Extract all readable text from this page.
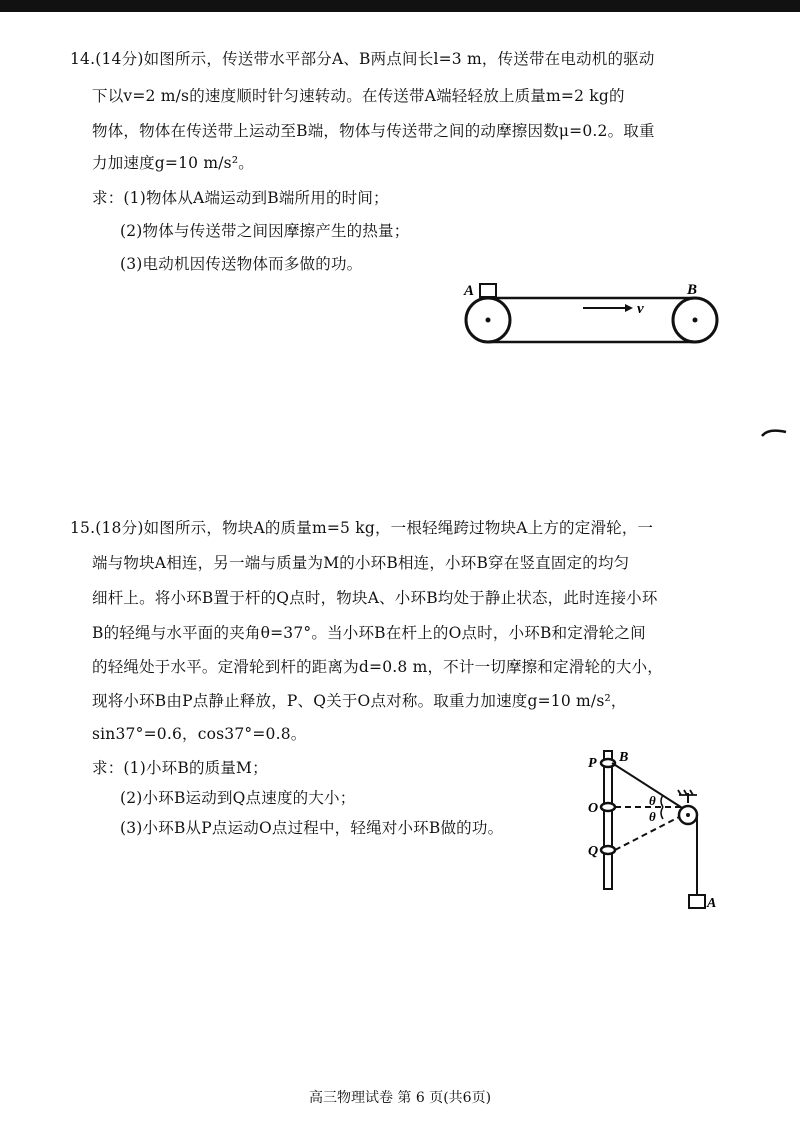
14.(14分)如图所示，传送带水平部分A、B两点间长l=3 m，传送带在电动机的驱动
下以v=2 m/s的速度顺时针匀速转动。在传送带A端轻轻放上质量m=2 kg的
物体，物体在传送带上运动至B端，物体与传送带之间的动摩擦因数μ=0.2。取重
力加速度g=10 m/s²。
求：(1)物体从A端运动到B端所用的时间；
(2)物体与传送带之间因摩擦产生的热量；
(3)电动机因传送物体而多做的功。
A	B
v
15.(18分)如图所示，物块A的质量m=5 kg，一根轻绳跨过物块A上方的定滑轮，一
端与物块A相连，另一端与质量为M的小环B相连，小环B穿在竖直固定的均匀
细杆上。将小环B置于杆的Q点时，物块A、小环B均处于静止状态，此时连接小环
B的轻绳与水平面的夹角θ=37°。当小环B在杆上的O点时，小环B和定滑轮之间
的轻绳处于水平。定滑轮到杆的距离为d=0.8 m，不计一切摩擦和定滑轮的大小，
现将小环B由P点静止释放，P、Q关于O点对称。取重力加速度g=10 m/s²，
sin37°=0.6，cos37°=0.8。
求：(1)小环B的质量M；
(2)小环B运动到Q点速度的大小；
(3)小环B从P点运动O点过程中，轻绳对小环B做的功。
θ
θ
P B
O
Q
A
高三物理试卷 第 6 页(共6页)
